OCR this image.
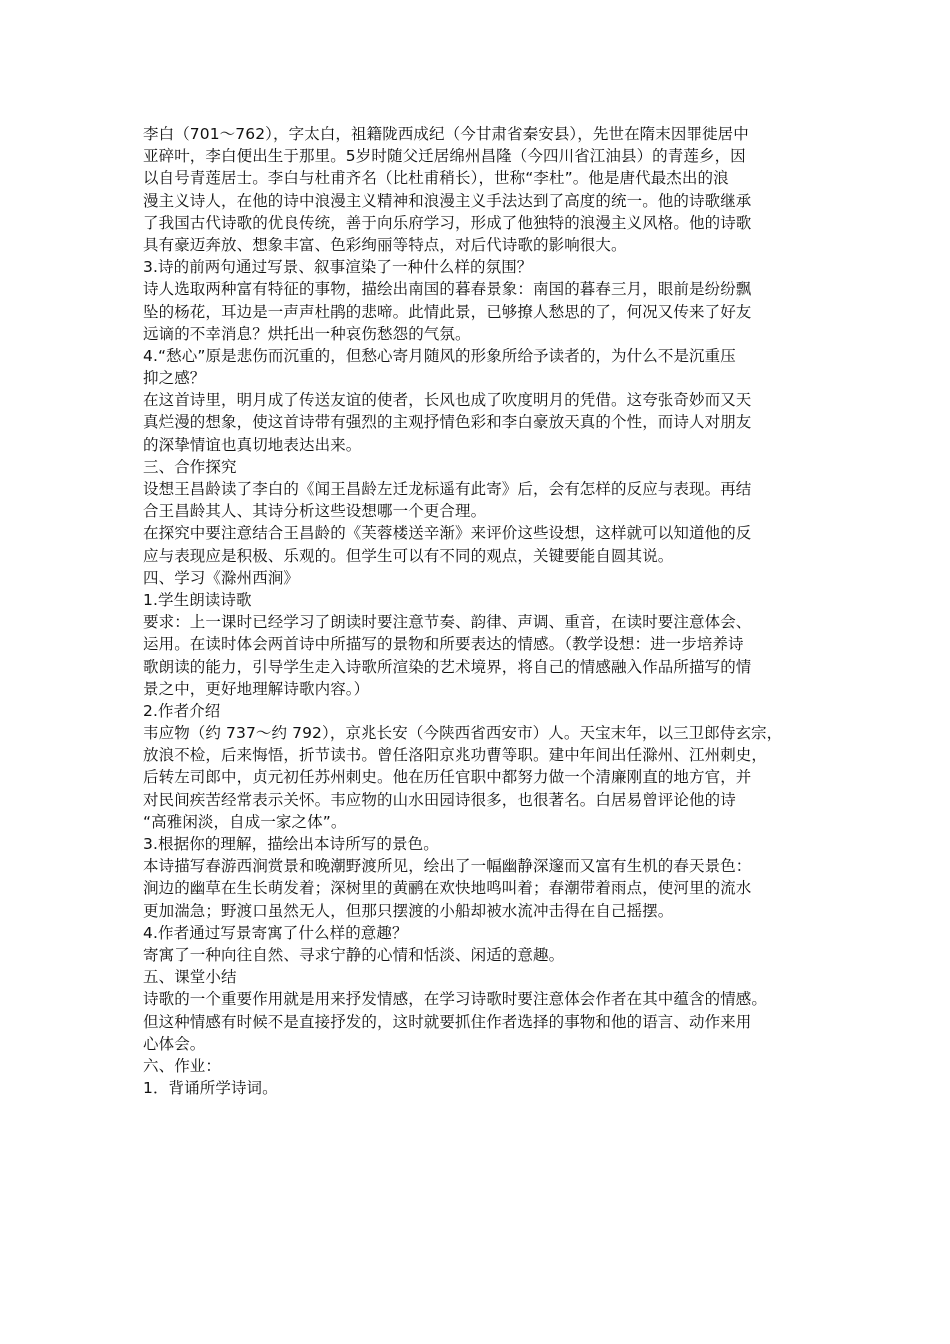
李白（701～762），字太白，祖籍陇西成纪（今甘肃省秦安县），先世在隋末因罪徙居中
亚碎叶，李白便出生于那里。5岁时随父迁居绵州昌隆（今四川省江油县）的青莲乡，因
以自号青莲居士。李白与杜甫齐名（比杜甫稍长），世称“李杜”。他是唐代最杰出的浪
漫主义诗人，在他的诗中浪漫主义精神和浪漫主义手法达到了高度的统一。他的诗歌继承
了我国古代诗歌的优良传统，善于向乐府学习，形成了他独特的浪漫主义风格。他的诗歌
具有豪迈奔放、想象丰富、色彩绚丽等特点，对后代诗歌的影响很大。
3.诗的前两句通过写景、叙事渲染了一种什么样的氛围？
诗人选取两种富有特征的事物，描绘出南国的暮春景象：南国的暮春三月，眼前是纷纷飘
坠的杨花，耳边是一声声杜鹃的悲啼。此情此景，已够撩人愁思的了，何况又传来了好友
远谪的不幸消息？烘托出一种哀伤愁怨的气氛。
4.“愁心”原是悲伤而沉重的，但愁心寄月随风的形象所给予读者的，为什么不是沉重压
抑之感？
在这首诗里，明月成了传送友谊的使者，长风也成了吹度明月的凭借。这夸张奇妙而又天
真烂漫的想象，使这首诗带有强烈的主观抒情色彩和李白豪放天真的个性，而诗人对朋友
的深挚情谊也真切地表达出来。
三、合作探究
设想王昌龄读了李白的《闻王昌龄左迁龙标遥有此寄》后，会有怎样的反应与表现。再结
合王昌龄其人、其诗分析这些设想哪一个更合理。
在探究中要注意结合王昌龄的《芙蓉楼送辛渐》来评价这些设想，这样就可以知道他的反
应与表现应是积极、乐观的。但学生可以有不同的观点，关键要能自圆其说。
四、学习《滁州西涧》
1.学生朗读诗歌
要求：上一课时已经学习了朗读时要注意节奏、韵律、声调、重音，在读时要注意体会、
运用。在读时体会两首诗中所描写的景物和所要表达的情感。（教学设想：进一步培养诗
歌朗读的能力，引导学生走入诗歌所渲染的艺术境界，将自己的情感融入作品所描写的情
景之中，更好地理解诗歌内容。）
2.作者介绍
韦应物（约 737～约 792），京兆长安（今陕西省西安市）人。天宝末年，以三卫郎侍玄宗，
放浪不检，后来悔悟，折节读书。曾任洛阳京兆功曹等职。建中年间出任滁州、江州刺史，
后转左司郎中，贞元初任苏州刺史。他在历任官职中都努力做一个清廉刚直的地方官，并
对民间疾苦经常表示关怀。韦应物的山水田园诗很多，也很著名。白居易曾评论他的诗
“高雅闲淡，自成一家之体”。
3.根据你的理解，描绘出本诗所写的景色。
本诗描写春游西涧赏景和晚潮野渡所见，绘出了一幅幽静深邃而又富有生机的春天景色：
涧边的幽草在生长萌发着；深树里的黄鹂在欢快地鸣叫着；春潮带着雨点，使河里的流水
更加湍急；野渡口虽然无人，但那只摆渡的小船却被水流冲击得在自己摇摆。
4.作者通过写景寄寓了什么样的意趣？
寄寓了一种向往自然、寻求宁静的心情和恬淡、闲适的意趣。
五、课堂小结
诗歌的一个重要作用就是用来抒发情感，在学习诗歌时要注意体会作者在其中蕴含的情感。
但这种情感有时候不是直接抒发的，这时就要抓住作者选择的事物和他的语言、动作来用
心体会。
六、作业：
1．背诵所学诗词。
